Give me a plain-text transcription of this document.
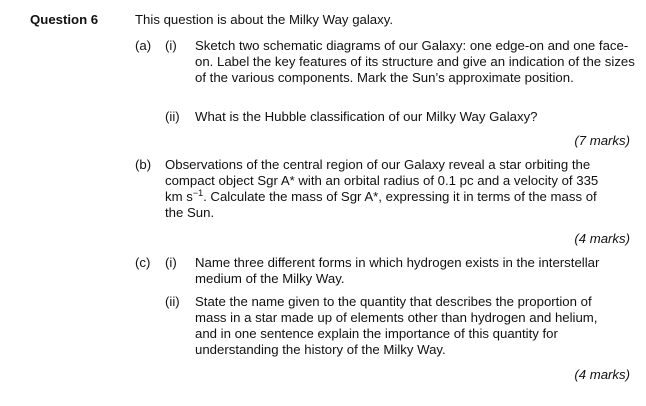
Question 6	This question is about the Milky Way galaxy.
(a) (i) Sketch two schematic diagrams of our Galaxy: one edge-on and one face-on. Label the key features of its structure and give an indication of the sizes of the various components. Mark the Sun’s approximate position.
(ii) What is the Hubble classification of our Milky Way Galaxy?
(7 marks)
(b) Observations of the central region of our Galaxy reveal a star orbiting the compact object Sgr A* with an orbital radius of 0.1 pc and a velocity of 335 km $s^{-1}$. Calculate the mass of Sgr A*, expressing it in terms of the mass of the Sun.
(4 marks)
(c) (i) Name three different forms in which hydrogen exists in the interstellar medium of the Milky Way.
(ii) State the name given to the quantity that describes the proportion of mass in a star made up of elements other than hydrogen and helium, and in one sentence explain the importance of this quantity for understanding the history of the Milky Way.
(4 marks)
